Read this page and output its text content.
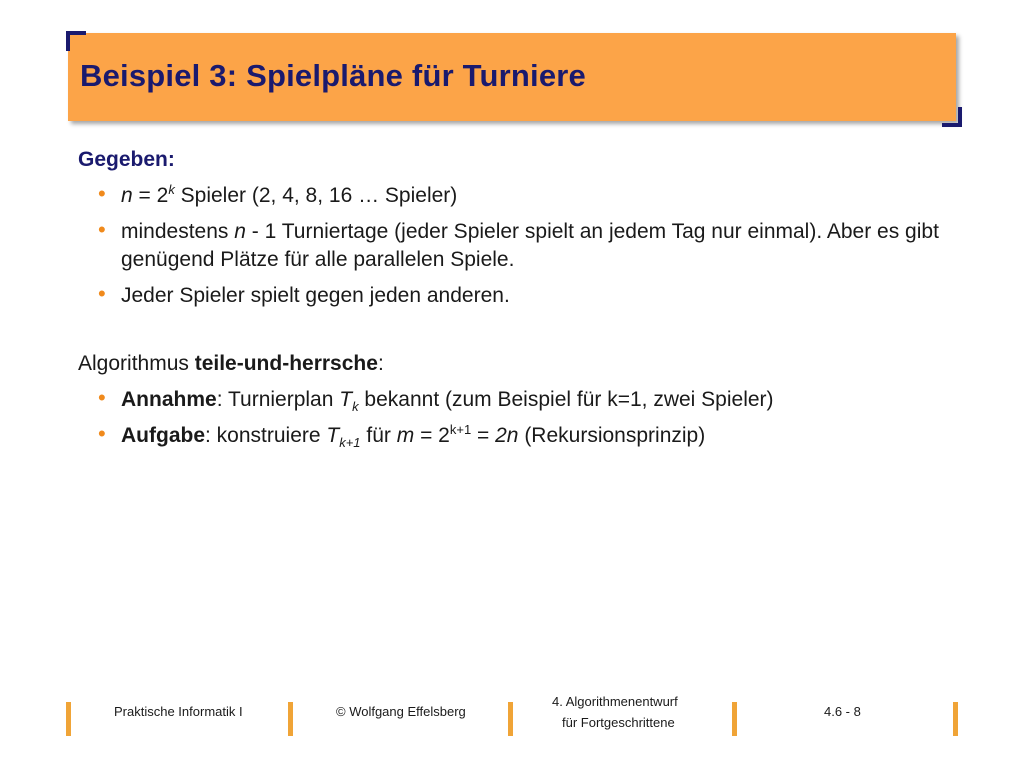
Beispiel 3: Spielpläne für Turniere

Gegeben:

• $n = 2^k$ Spieler (2, 4, 8, 16 … Spieler)
• mindestens n - 1 Turniertage (jeder Spieler spielt an jedem Tag nur einmal). Aber es gibt genügend Plätze für alle parallelen Spiele.
• Jeder Spieler spielt gegen jeden anderen.

Algorithmus teile-und-herrsche:

• Annahme: Turnierplan $T_k$ bekannt (zum Beispiel für k=1, zwei Spieler)
• Aufgabe: konstruiere $T_{k+1}$ für $m = 2^{k+1} = 2n$ (Rekursionsprinzip)
Praktische Informatik I	© Wolfgang Effelsberg
4. Algorithmenentwurf
für Fortgeschrittene
4.6 - 8
